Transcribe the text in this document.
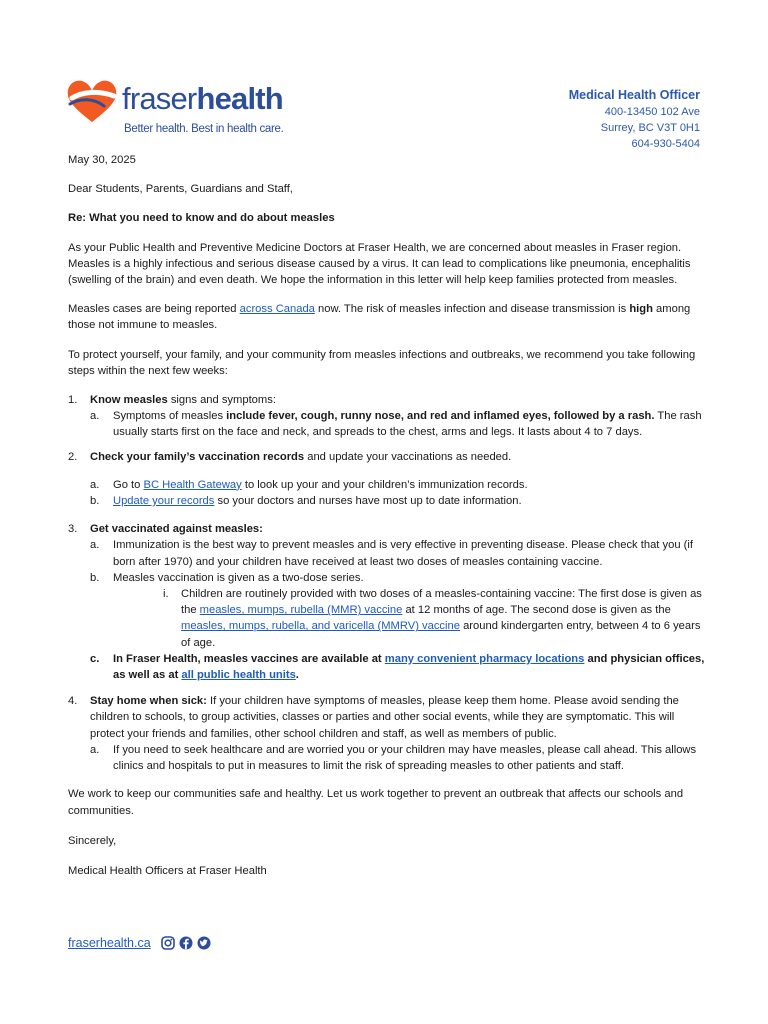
fraserhealth
Better health. Best in health care.
Medical Health Officer
400-13450 102 Ave
Surrey, BC V3T 0H1
604-930-5404

May 30, 2025

Dear Students, Parents, Guardians and Staff,

Re: What you need to know and do about measles

As your Public Health and Preventive Medicine Doctors at Fraser Health, we are concerned about measles in Fraser region. Measles is a highly infectious and serious disease caused by a virus. It can lead to complications like pneumonia, encephalitis (swelling of the brain) and even death. We hope the information in this letter will help keep families protected from measles.

Measles cases are being reported across Canada now. The risk of measles infection and disease transmission is high among those not immune to measles.

To protect yourself, your family, and your community from measles infections and outbreaks, we recommend you take following steps within the next few weeks:

1. Know measles signs and symptoms:
a. Symptoms of measles include fever, cough, runny nose, and red and inflamed eyes, followed by a rash. The rash usually starts first on the face and neck, and spreads to the chest, arms and legs. It lasts about 4 to 7 days.
2. Check your family’s vaccination records and update your vaccinations as needed.
a. Go to BC Health Gateway to look up your and your children’s immunization records.
b. Update your records so your doctors and nurses have most up to date information.
3. Get vaccinated against measles:
a. Immunization is the best way to prevent measles and is very effective in preventing disease. Please check that you (if born after 1970) and your children have received at least two doses of measles containing vaccine.
b. Measles vaccination is given as a two-dose series.
i. Children are routinely provided with two doses of a measles-containing vaccine: The first dose is given as the measles, mumps, rubella (MMR) vaccine at 12 months of age. The second dose is given as the measles, mumps, rubella, and varicella (MMRV) vaccine around kindergarten entry, between 4 to 6 years of age.
c. In Fraser Health, measles vaccines are available at many convenient pharmacy locations and physician offices, as well as at all public health units.
4. Stay home when sick: If your children have symptoms of measles, please keep them home. Please avoid sending the children to schools, to group activities, classes or parties and other social events, while they are symptomatic. This will protect your friends and families, other school children and staff, as well as members of public.
a. If you need to seek healthcare and are worried you or your children may have measles, please call ahead. This allows clinics and hospitals to put in measures to limit the risk of spreading measles to other patients and staff.

We work to keep our communities safe and healthy. Let us work together to prevent an outbreak that affects our schools and communities.

Sincerely,

Medical Health Officers at Fraser Health

fraserhealth.ca
